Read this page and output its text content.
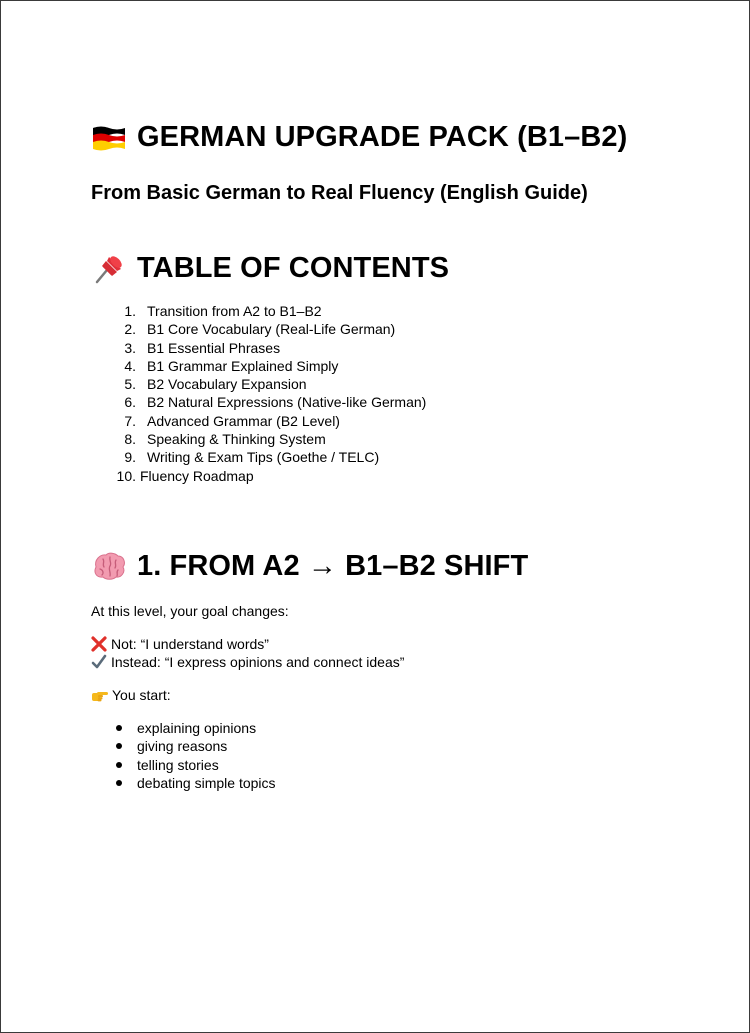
GERMAN UPGRADE PACK (B1–B2)
From Basic German to Real Fluency (English Guide)
TABLE OF CONTENTS
1. Transition from A2 to B1–B2
2. B1 Core Vocabulary (Real-Life German)
3. B1 Essential Phrases
4. B1 Grammar Explained Simply
5. B2 Vocabulary Expansion
6. B2 Natural Expressions (Native-like German)
7. Advanced Grammar (B2 Level)
8. Speaking & Thinking System
9. Writing & Exam Tips (Goethe / TELC)
10. Fluency Roadmap
1. FROM A2 → B1–B2 SHIFT
At this level, your goal changes:
Not: “I understand words”
Instead: “I express opinions and connect ideas”
You start:
explaining opinions
giving reasons
telling stories
debating simple topics
